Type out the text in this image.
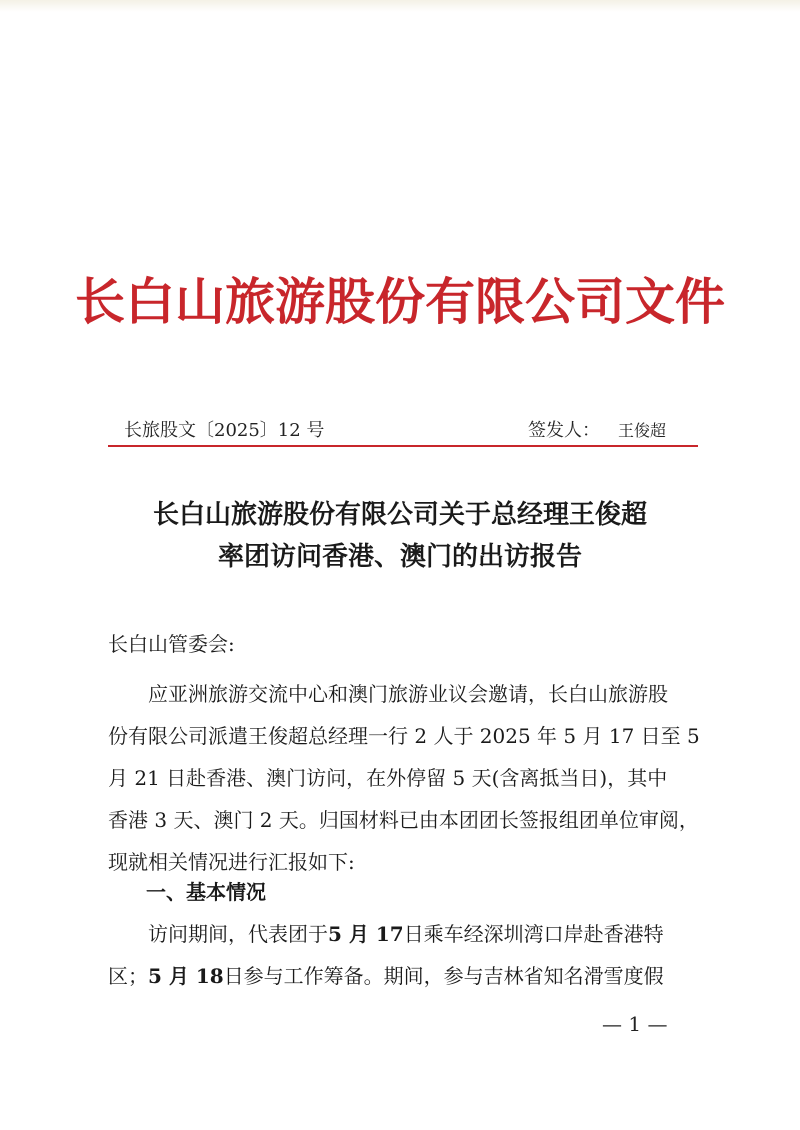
长白山旅游股份有限公司文件
长旅股文〔2025〕12 号	签发人： 王俊超
长白山旅游股份有限公司关于总经理王俊超
率团访问香港、澳门的出访报告
长白山管委会:
应亚洲旅游交流中心和澳门旅游业议会邀请，长白山旅游股
份有限公司派遣王俊超总经理一行 2 人于 2025 年 5 月 17 日至 5
月 21 日赴香港、澳门访问，在外停留 5 天(含离抵当日)，其中
香港 3 天、澳门 2 天。归国材料已由本团团长签报组团单位审阅，
现就相关情况进行汇报如下:
一、基本情况
访问期间，代表团于5 月 17日乘车经深圳湾口岸赴香港特
区；5 月 18日参与工作筹备。期间，参与吉林省知名滑雪度假
— 1 —
